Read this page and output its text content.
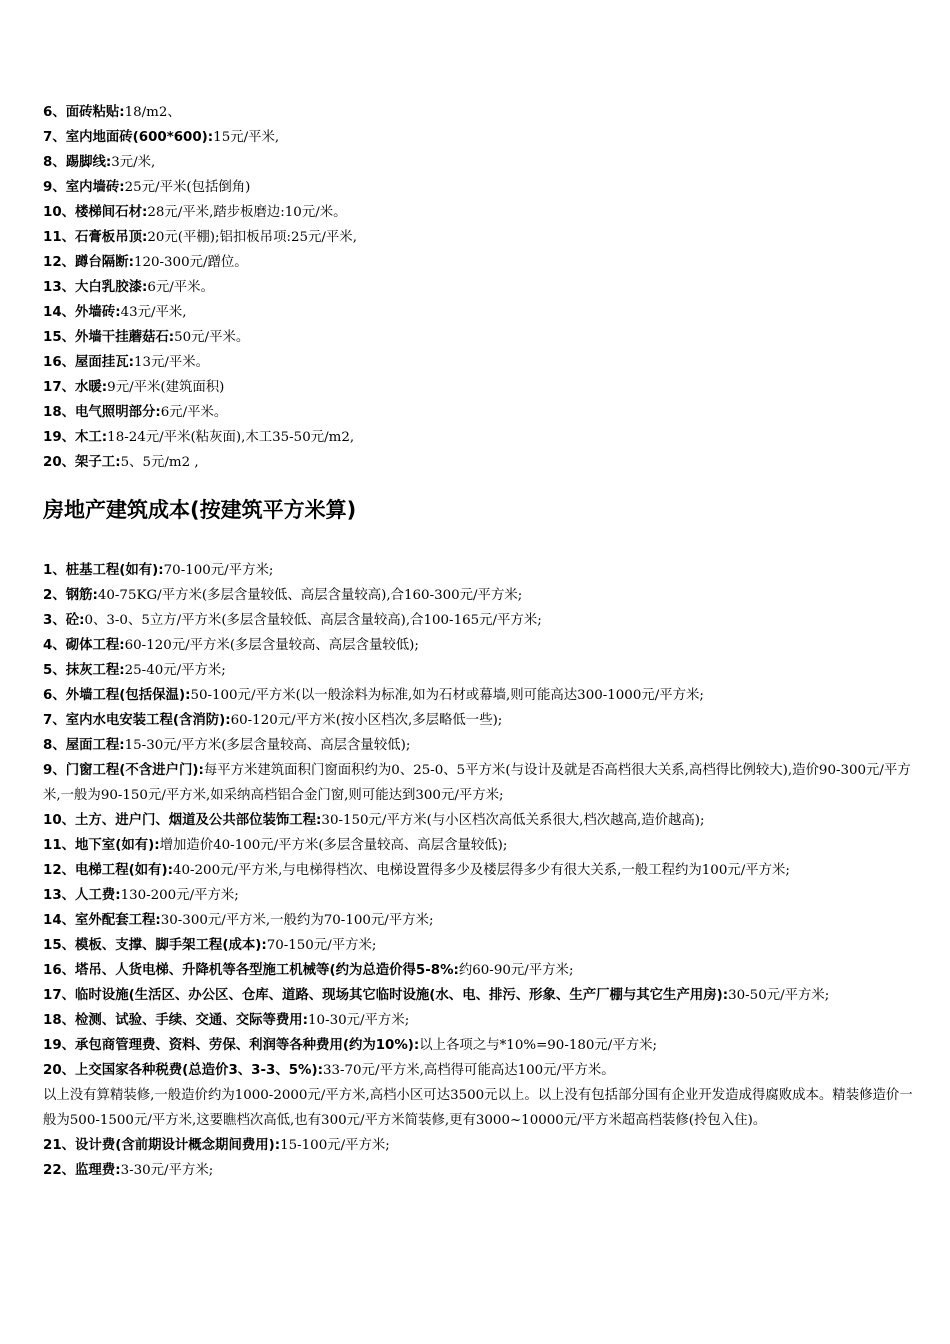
6、面砖粘贴:18/m2、
7、室内地面砖(600*600):15元/平米,
8、踢脚线:3元/米,
9、室内墙砖:25元/平米(包括倒角)
10、楼梯间石材:28元/平米,踏步板磨边:10元/米。
11、石膏板吊顶:20元(平棚);铝扣板吊项:25元/平米,
12、蹲台隔断:120-300元/蹭位。
13、大白乳胶漆:6元/平米。
14、外墙砖:43元/平米,
15、外墙干挂蘑菇石:50元/平米。
16、屋面挂瓦:13元/平米。
17、水暖:9元/平米(建筑面积)
18、电气照明部分:6元/平米。
19、木工:18-24元/平米(粘灰面),木工35-50元/m2,
20、架子工:5、5元/m2 ,
房地产建筑成本(按建筑平方米算)
1、桩基工程(如有):70-100元/平方米;
2、钢筋:40-75KG/平方米(多层含量较低、高层含量较高),合160-300元/平方米;
3、砼:0、3-0、5立方/平方米(多层含量较低、高层含量较高),合100-165元/平方米;
4、砌体工程:60-120元/平方米(多层含量较高、高层含量较低);
5、抹灰工程:25-40元/平方米;
6、外墙工程(包括保温):50-100元/平方米(以一般涂料为标准,如为石材或幕墙,则可能高达300-1000元/平方米;
7、室内水电安装工程(含消防):60-120元/平方米(按小区档次,多层略低一些);
8、屋面工程:15-30元/平方米(多层含量较高、高层含量较低);
9、门窗工程(不含进户门):每平方米建筑面积门窗面积约为0、25-0、5平方米(与设计及就是否高档很大关系,高档得比例较大),造价90-300元/平方米,一般为90-150元/平方米,如采纳高档铝合金门窗,则可能达到300元/平方米;
10、土方、进户门、烟道及公共部位装饰工程:30-150元/平方米(与小区档次高低关系很大,档次越高,造价越高);
11、地下室(如有):增加造价40-100元/平方米(多层含量较高、高层含量较低);
12、电梯工程(如有):40-200元/平方米,与电梯得档次、电梯设置得多少及楼层得多少有很大关系,一般工程约为100元/平方米;
13、人工费:130-200元/平方米;
14、室外配套工程:30-300元/平方米,一般约为70-100元/平方米;
15、模板、支撑、脚手架工程(成本):70-150元/平方米;
16、塔吊、人货电梯、升降机等各型施工机械等(约为总造价得5-8%:约60-90元/平方米;
17、临时设施(生活区、办公区、仓库、道路、现场其它临时设施(水、电、排污、形象、生产厂棚与其它生产用房):30-50元/平方米;
18、检测、试验、手续、交通、交际等费用:10-30元/平方米;
19、承包商管理费、资料、劳保、利润等各种费用(约为10%):以上各项之与*10%=90-180元/平方米;
20、上交国家各种税费(总造价3、3-3、5%):33-70元/平方米,高档得可能高达100元/平方米。
以上没有算精装修,一般造价约为1000-2000元/平方米,高档小区可达3500元以上。以上没有包括部分国有企业开发造成得腐败成本。精装修造价一般为500-1500元/平方米,这要瞧档次高低,也有300元/平方米简装修,更有3000~10000元/平方米超高档装修(拎包入住)。
21、设计费(含前期设计概念期间费用):15-100元/平方米;
22、监理费:3-30元/平方米;
